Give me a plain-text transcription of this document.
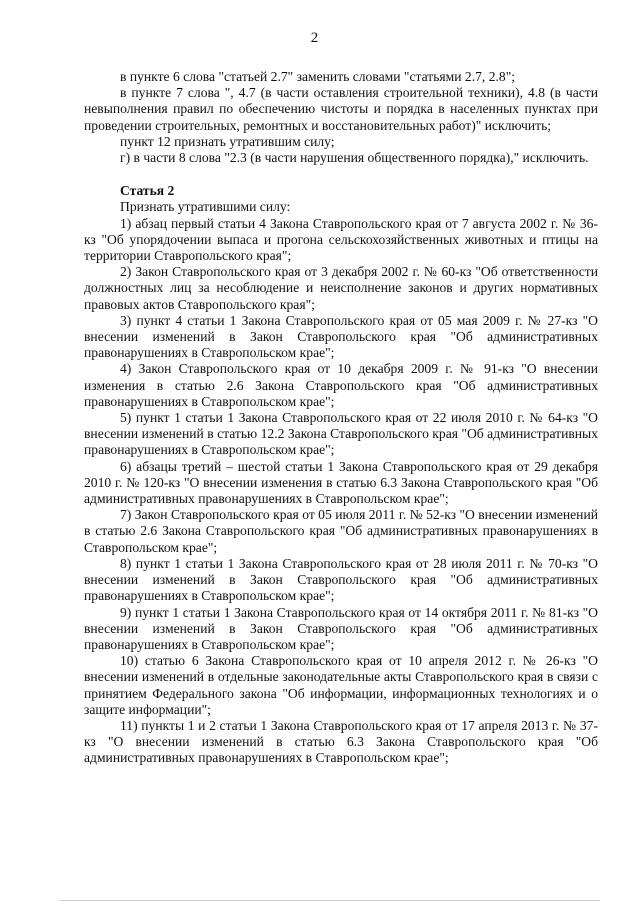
2

в пункте 6 слова "статьей 2.7" заменить словами "статьями 2.7, 2.8";

в пункте 7 слова ", 4.7 (в части оставления строительной техники), 4.8 (в части невыполнения правил по обеспечению чистоты и порядка в населенных пунктах при проведении строительных, ремонтных и восстановительных работ)" исключить;

пункт 12 признать утратившим силу;

г) в части 8 слова "2.3 (в части нарушения общественного порядка)," исключить.

Статья 2

Признать утратившими силу:

1) абзац первый статьи 4 Закона Ставропольского края от 7 августа 2002 г. № 36-кз "Об упорядочении выпаса и прогона сельскохозяйственных животных и птицы на территории Ставропольского края";

2) Закон Ставропольского края от 3 декабря 2002 г. № 60-кз "Об ответственности должностных лиц за несоблюдение и неисполнение законов и других нормативных правовых актов Ставропольского края";

3) пункт 4 статьи 1 Закона Ставропольского края от 05 мая 2009 г. № 27-кз "О внесении изменений в Закон Ставропольского края "Об административных правонарушениях в Ставропольском крае";

4) Закон Ставропольского края от 10 декабря 2009 г. № 91-кз "О внесении изменения в статью 2.6 Закона Ставропольского края "Об административных правонарушениях в Ставропольском крае";

5) пункт 1 статьи 1 Закона Ставропольского края от 22 июля 2010 г. № 64-кз "О внесении изменений в статью 12.2 Закона Ставропольского края "Об административных правонарушениях в Ставропольском крае";

6) абзацы третий – шестой статьи 1 Закона Ставропольского края от 29 декабря 2010 г. № 120-кз "О внесении изменения в статью 6.3 Закона Ставропольского края "Об административных правонарушениях в Ставропольском крае";

7) Закон Ставропольского края от 05 июля 2011 г. № 52-кз "О внесении изменений в статью 2.6 Закона Ставропольского края "Об административных правонарушениях в Ставропольском крае";

8) пункт 1 статьи 1 Закона Ставропольского края от 28 июля 2011 г. № 70-кз "О внесении изменений в Закон Ставропольского края "Об административных правонарушениях в Ставропольском крае";

9) пункт 1 статьи 1 Закона Ставропольского края от 14 октября 2011 г. № 81-кз "О внесении изменений в Закон Ставропольского края "Об административных правонарушениях в Ставропольском крае";

10) статью 6 Закона Ставропольского края от 10 апреля 2012 г. № 26-кз "О внесении изменений в отдельные законодательные акты Ставропольского края в связи с принятием Федерального закона "Об информации, информационных технологиях и о защите информации";

11) пункты 1 и 2 статьи 1 Закона Ставропольского края от 17 апреля 2013 г. № 37-кз "О внесении изменений в статью 6.3 Закона Ставропольского края "Об административных правонарушениях в Ставропольском крае";
